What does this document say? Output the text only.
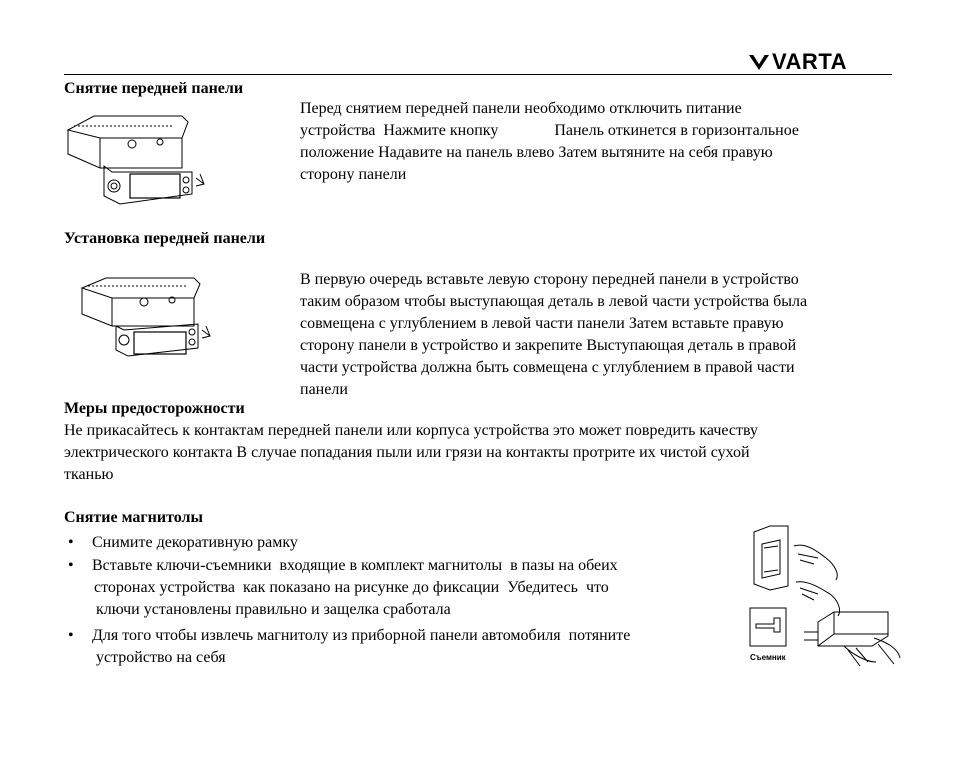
VARTA
Снятие передней панели
Перед снятием передней панели необходимо отключить питание
устройства  Нажмите кнопку              Панель откинется в горизонтальное
положение Надавите на панель влево Затем вытяните на себя правую
сторону панели
Установка передней панели
В первую очередь вставьте левую сторону передней панели в устройство
таким образом чтобы выступающая деталь в левой части устройства была
совмещена с углублением в левой части панели Затем вставьте правую
сторону панели в устройство и закрепите Выступающая деталь в правой
части устройства должна быть совмещена с углублением в правой части
панели
Меры предосторожности
Не прикасайтесь к контактам передней панели или корпуса устройства это может повредить качеству
электрического контакта В случае попадания пыли или грязи на контакты протрите их чистой сухой
тканью
Снятие магнитолы
• Снимите декоративную рамку
• Вставьте ключи-съемники  входящие в комплект магнитолы  в пазы на обеих
сторонах устройства  как показано на рисунке до фиксации  Убедитесь  что
ключи установлены правильно и защелка сработала
• Для того чтобы извлечь магнитолу из приборной панели автомобиля  потяните
устройство на себя	Съемник
